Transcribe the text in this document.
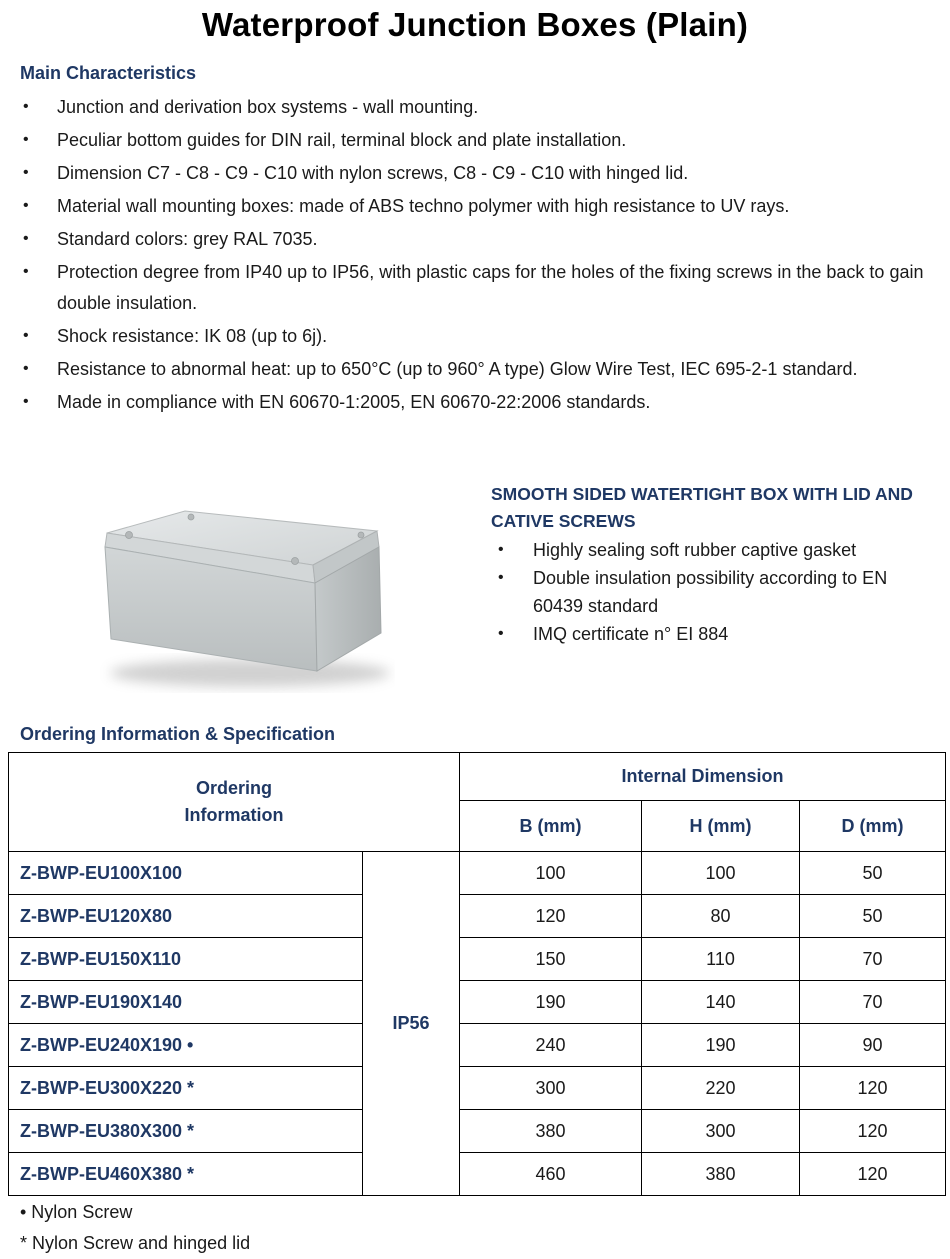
Waterproof Junction Boxes (Plain)
Main Characteristics
• Junction and derivation box systems - wall mounting.
• Peculiar bottom guides for DIN rail, terminal block and plate installation.
• Dimension C7 - C8 - C9 - C10 with nylon screws, C8 - C9 - C10 with hinged lid.
• Material wall mounting boxes: made of ABS techno polymer with high resistance to UV rays.
• Standard colors: grey RAL 7035.
• Protection degree from IP40 up to IP56, with plastic caps for the holes of the fixing screws in the back to gain double insulation.
• Shock resistance: IK 08 (up to 6j).
• Resistance to abnormal heat: up to 650°C (up to 960° A type) Glow Wire Test, IEC 695-2-1 standard.
• Made in compliance with EN 60670-1:2005, EN 60670-22:2006 standards.
SMOOTH SIDED WATERTIGHT BOX WITH LID AND CATIVE SCREWS
• Highly sealing soft rubber captive gasket
• Double insulation possibility according to EN 60439 standard
• IMQ certificate n° EI 884
Ordering Information & Specification
Ordering Information		Internal Dimension		
		B (mm)	H (mm)	D (mm)
Z-BWP-EU100X100	IP56	100	100	50
Z-BWP-EU120X80		120	80	50
Z-BWP-EU150X110		150	110	70
Z-BWP-EU190X140		190	140	70
Z-BWP-EU240X190 •		240	190	90
Z-BWP-EU300X220 *		300	220	120
Z-BWP-EU380X300 *		380	300	120
Z-BWP-EU460X380 *		460	380	120
• Nylon Screw
* Nylon Screw and hinged lid
